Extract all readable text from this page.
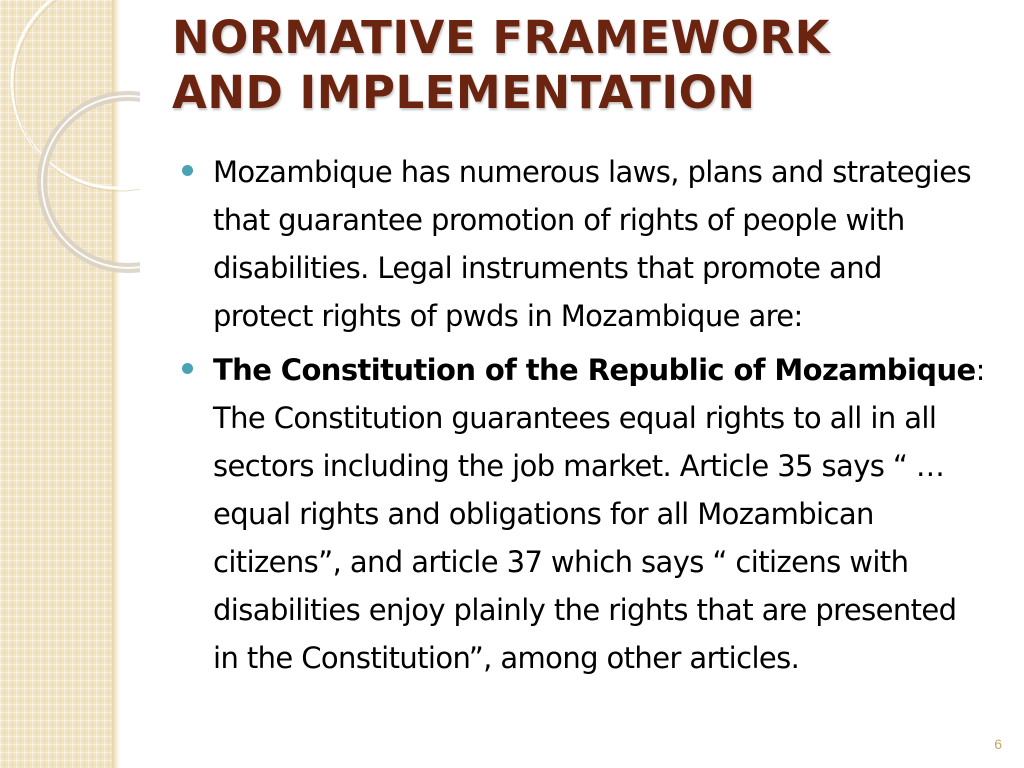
NORMATIVE FRAMEWORK
AND IMPLEMENTATION
Mozambique has numerous laws, plans and strategies that guarantee promotion of rights of people with disabilities. Legal instruments that promote and protect rights of pwds in Mozambique are:
The Constitution of the Republic of Mozambique: The Constitution guarantees equal rights to all in all sectors including the job market. Article 35 says “ … equal rights and obligations for all Mozambican citizens”, and article 37 which says “ citizens with disabilities enjoy plainly the rights that are presented in the Constitution”, among other articles.
6
